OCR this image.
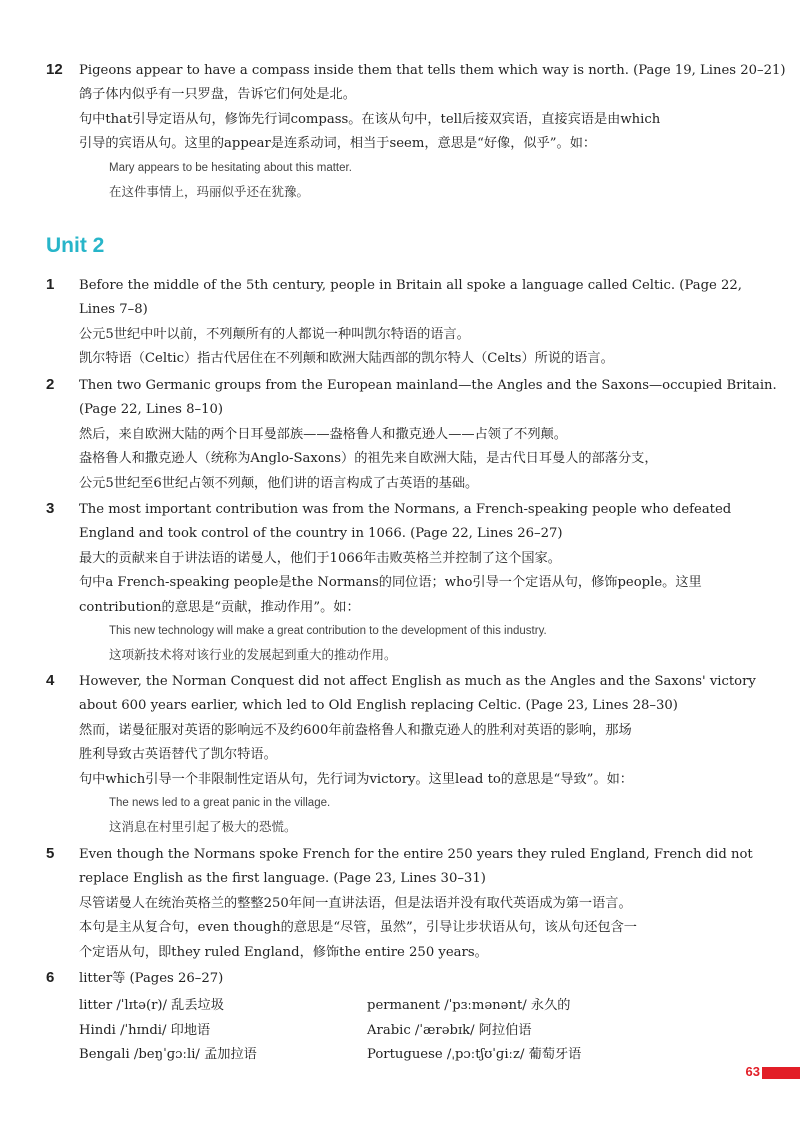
12	Pigeons appear to have a compass inside them that tells them which way is north. (Page 19, Lines 20–21)
鸽子体内似乎有一只罗盘，告诉它们何处是北。
句中that引导定语从句，修饰先行词compass。在该从句中，tell后接双宾语，直接宾语是由which
引导的宾语从句。这里的appear是连系动词，相当于seem，意思是“好像，似乎”。如：
Mary appears to be hesitating about this matter.
在这件事情上，玛丽似乎还在犹豫。
Unit 2
1	Before the middle of the 5th century, people in Britain all spoke a language called Celtic. (Page 22,
Lines 7–8)
公元5世纪中叶以前，不列颠所有的人都说一种叫凯尔特语的语言。
凯尔特语（Celtic）指古代居住在不列颠和欧洲大陆西部的凯尔特人（Celts）所说的语言。
2	Then two Germanic groups from the European mainland—the Angles and the Saxons—occupied Britain.
(Page 22, Lines 8–10)
然后，来自欧洲大陆的两个日耳曼部族——盎格鲁人和撒克逊人——占领了不列颠。
盎格鲁人和撒克逊人（统称为Anglo-Saxons）的祖先来自欧洲大陆，是古代日耳曼人的部落分支，
公元5世纪至6世纪占领不列颠，他们讲的语言构成了古英语的基础。
3	The most important contribution was from the Normans, a French-speaking people who defeated
England and took control of the country in 1066. (Page 22, Lines 26–27)
最大的贡献来自于讲法语的诺曼人，他们于1066年击败英格兰并控制了这个国家。
句中a French-speaking people是the Normans的同位语；who引导一个定语从句，修饰people。这里
contribution的意思是“贡献，推动作用”。如：
This new technology will make a great contribution to the development of this industry.
这项新技术将对该行业的发展起到重大的推动作用。
4	However, the Norman Conquest did not affect English as much as the Angles and the Saxons' victory
about 600 years earlier, which led to Old English replacing Celtic. (Page 23, Lines 28–30)
然而，诺曼征服对英语的影响远不及约600年前盎格鲁人和撒克逊人的胜利对英语的影响，那场
胜利导致古英语替代了凯尔特语。
句中which引导一个非限制性定语从句，先行词为victory。这里lead to的意思是“导致”。如：
The news led to a great panic in the village.
这消息在村里引起了极大的恐慌。
5	Even though the Normans spoke French for the entire 250 years they ruled England, French did not
replace English as the first language. (Page 23, Lines 30–31)
尽管诺曼人在统治英格兰的整整250年间一直讲法语，但是法语并没有取代英语成为第一语言。
本句是主从复合句，even though的意思是“尽管，虽然”，引导让步状语从句，该从句还包含一
个定语从句，即they ruled England，修饰the entire 250 years。
6	litter等 (Pages 26–27)
litter /ˈlɪtə(r)/ 乱丢垃圾	permanent /ˈpɜːmənənt/ 永久的
Hindi /ˈhɪndi/ 印地语	Arabic /ˈærəbɪk/ 阿拉伯语
Bengali /beŋˈɡɔːli/ 孟加拉语	Portuguese /ˌpɔːtʃʊˈɡiːz/ 葡萄牙语
63
